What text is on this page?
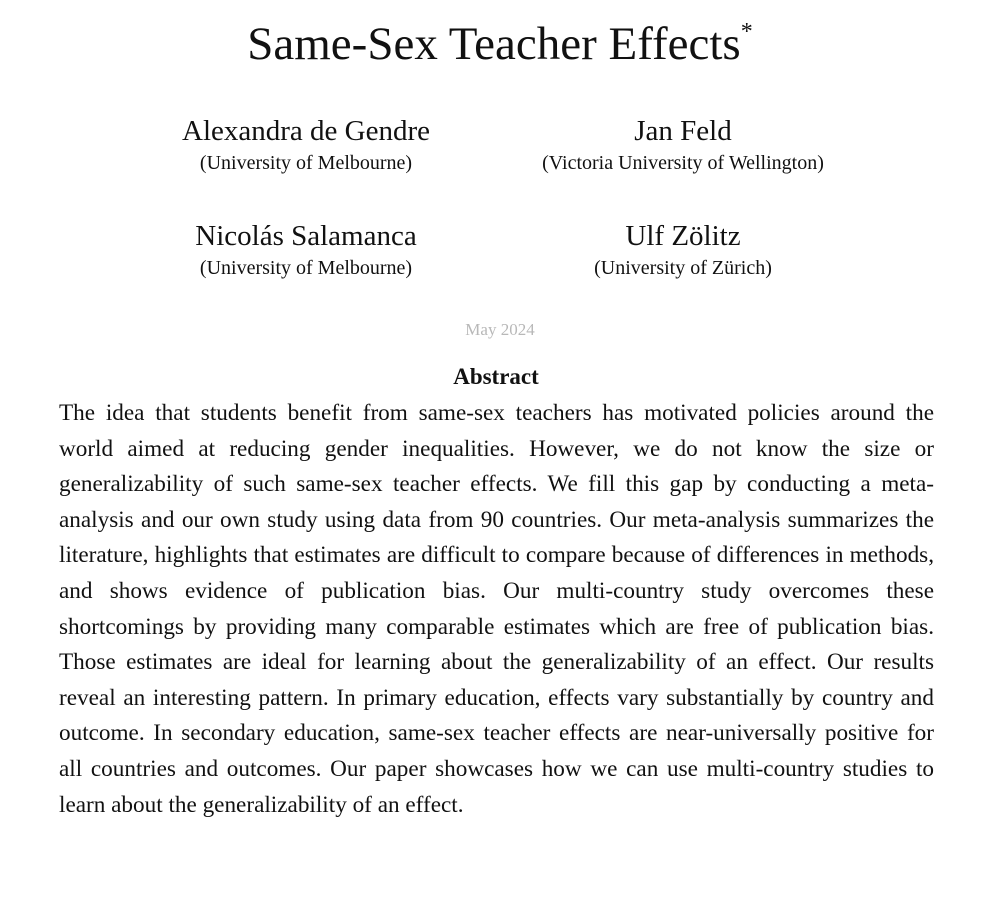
Same-Sex Teacher Effects*
Alexandra de Gendre
(University of Melbourne)
Jan Feld
(Victoria University of Wellington)
Nicolás Salamanca
(University of Melbourne)
Ulf Zölitz
(University of Zürich)
May 2024
Abstract
The idea that students benefit from same-sex teachers has motivated policies around the world aimed at reducing gender inequalities. However, we do not know the size or generalizability of such same-sex teacher effects. We fill this gap by conducting a meta-analysis and our own study using data from 90 countries. Our meta-analysis summarizes the literature, highlights that estimates are difficult to compare because of differences in methods, and shows evidence of publication bias. Our multi-country study overcomes these shortcomings by providing many comparable estimates which are free of publication bias. Those estimates are ideal for learning about the generalizability of an effect. Our results reveal an interesting pattern. In primary education, effects vary substantially by country and outcome. In secondary education, same-sex teacher effects are near-universally positive for all countries and outcomes. Our paper showcases how we can use multi-country studies to learn about the generalizability of an effect.
